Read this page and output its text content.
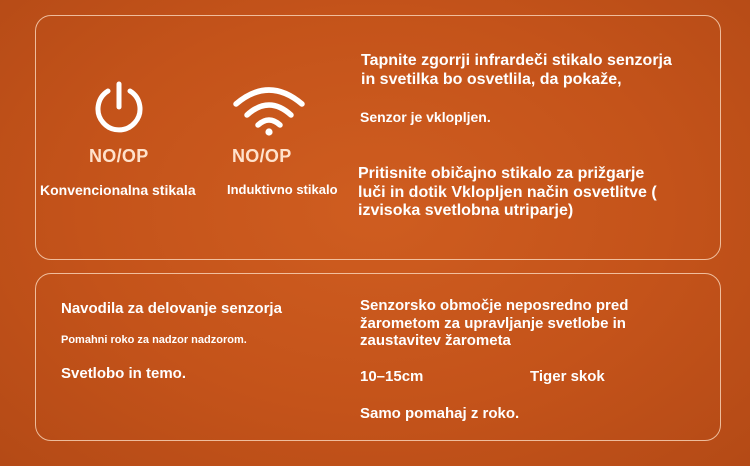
NO/OP	NO/OP
Konvencionalna stikala Induktivno stikalo
Tapnite zgorrji infrardeči stikalo senzorja
in svetilka bo osvetlila, da pokaže,
Senzor je vklopljen.
Pritisnite običajno stikalo za prižgarje
luči in dotik Vklopljen način osvetlitve (
izvisoka svetlobna utriparje)
Navodila za delovanje senzorja
Pomahni roko za nadzor nadzorom.
Svetlobo in temo.
Senzorsko območje neposredno pred
žarometom za upravljanje svetlobe in
zaustavitev žarometa
10–15cm	Tiger skok
Samo pomahaj z roko.
